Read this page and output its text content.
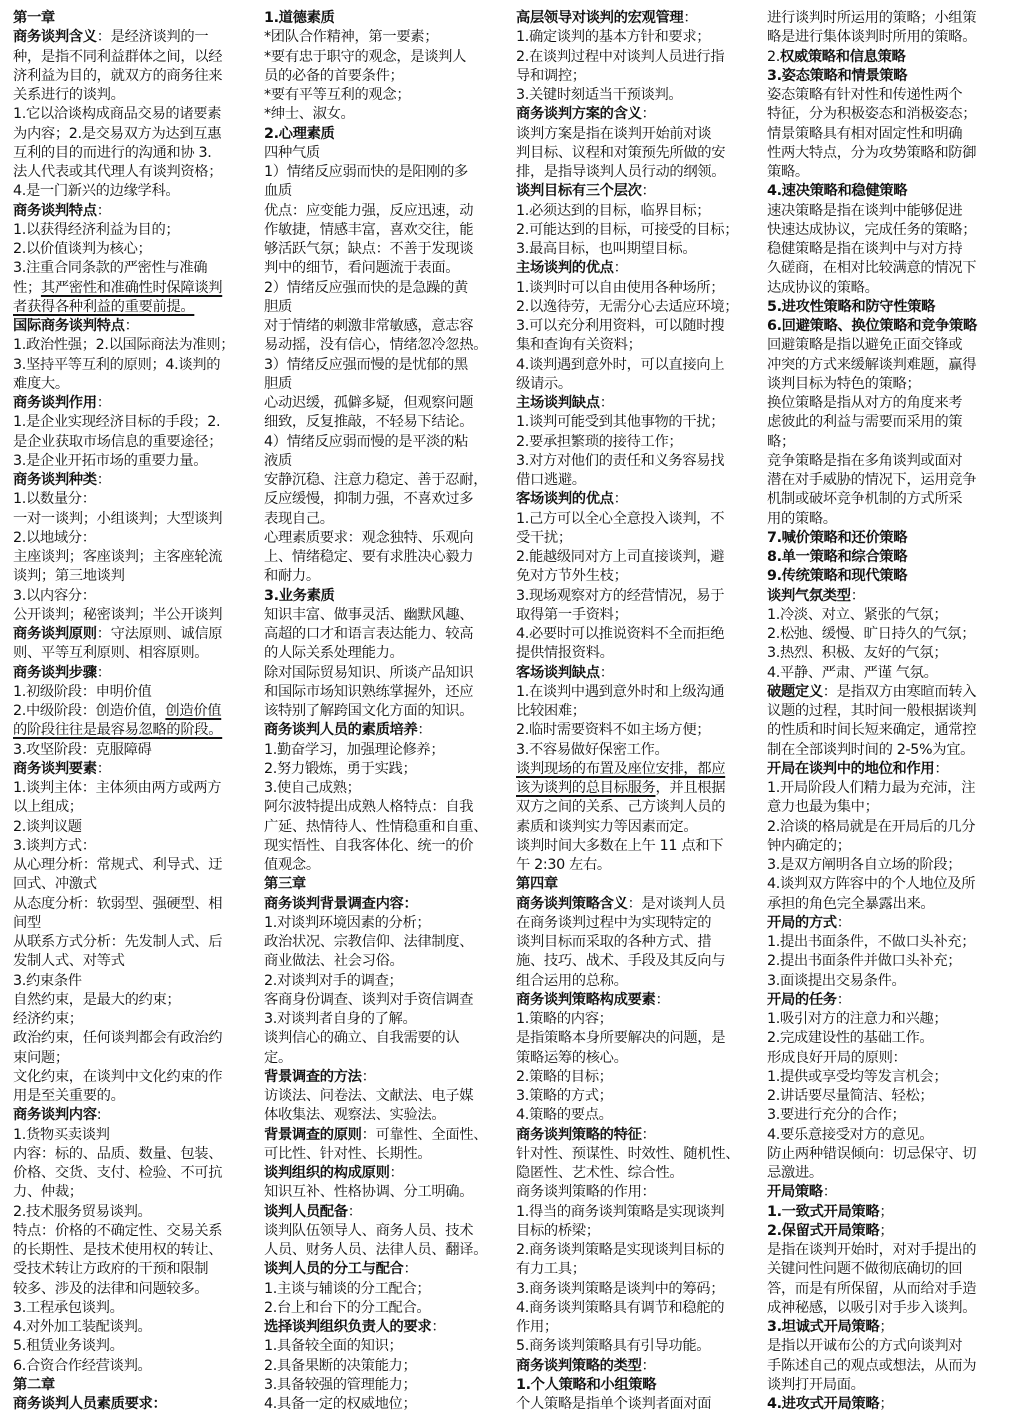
第一章
商务谈判含义：是经济谈判的一
种，是指不同利益群体之间，以经
济利益为目的，就双方的商务往来
关系进行的谈判。
1.它以洽谈构成商品交易的诸要素
为内容；2.是交易双方为达到互惠
互利的目的而进行的沟通和协 3.
法人代表或其代理人有谈判资格；
4.是一门新兴的边缘学科。
商务谈判特点：
1.以获得经济利益为目的；
2.以价值谈判为核心；
3.注重合同条款的严密性与准确
性；其严密性和准确性时保障谈判
者获得各种利益的重要前提。
国际商务谈判特点：
1.政治性强；2.以国际商法为准则；
3.坚持平等互利的原则；4.谈判的
难度大。
商务谈判作用：
1.是企业实现经济目标的手段；2.
是企业获取市场信息的重要途径；
3.是企业开拓市场的重要力量。
商务谈判种类：
1.以数量分：
一对一谈判；小组谈判；大型谈判
2.以地域分：
主座谈判；客座谈判；主客座轮流
谈判；第三地谈判
3.以内容分：
公开谈判；秘密谈判；半公开谈判
商务谈判原则：守法原则、诚信原
则、平等互利原则、相容原则。
商务谈判步骤：
1.初级阶段：申明价值
2.中级阶段：创造价值，创造价值
的阶段往往是最容易忽略的阶段。
3.攻坚阶段：克服障碍
商务谈判要素：
1.谈判主体：主体须由两方或两方
以上组成；
2.谈判议题
3.谈判方式：
从心理分析：常规式、利导式、迂
回式、冲激式
从态度分析：软弱型、强硬型、相
间型
从联系方式分析：先发制人式、后
发制人式、对等式
3.约束条件
自然约束，是最大的约束；
经济约束；
政治约束，任何谈判都会有政治约
束问题；
文化约束，在谈判中文化约束的作
用是至关重要的。
商务谈判内容:
1.货物买卖谈判
内容：标的、品质、数量、包装、
价格、交货、支付、检验、不可抗
力、仲裁；
2.技术服务贸易谈判。
特点：价格的不确定性、交易关系
的长期性、是技术使用权的转让、
受技术转让方政府的干预和限制
较多、涉及的法律和问题较多。
3.工程承包谈判。
4.对外加工装配谈判。
5.租赁业务谈判。
6.合资合作经营谈判。
第二章
商务谈判人员素质要求：
1.道德素质
*团队合作精神，第一要素；
*要有忠于职守的观念，是谈判人
员的必备的首要条件；
*要有平等互利的观念；
*绅士、淑女。
2.心理素质
四种气质
1）情绪反应弱而快的是阳刚的多
血质
优点：应变能力强，反应迅速，动
作敏捷，情感丰富，喜欢交往，能
够活跃气氛；缺点：不善于发现谈
判中的细节，看问题流于表面。
2）情绪反应强而快的是急躁的黄
胆质
对于情绪的刺激非常敏感，意志容
易动摇，没有信心，情绪忽冷忽热。
3）情绪反应强而慢的是忧郁的黑
胆质
心动迟缓，孤僻多疑，但观察问题
细致，反复推敲，不轻易下结论。
4）情绪反应弱而慢的是平淡的粘
液质
安静沉稳、注意力稳定、善于忍耐，
反应缓慢，抑制力强，不喜欢过多
表现自己。
心理素质要求：观念独特、乐观向
上、情绪稳定、要有求胜决心毅力
和耐力。
3.业务素质
知识丰富、做事灵活、幽默风趣、
高超的口才和语言表达能力、较高
的人际关系处理能力。
除对国际贸易知识、所谈产品知识
和国际市场知识熟练掌握外，还应
该特别了解跨国文化方面的知识。
商务谈判人员的素质培养：
1.勤奋学习，加强理论修养；
2.努力锻炼，勇于实践；
3.使自己成熟；
阿尔波特提出成熟人格特点：自我
广延、热情待人、性情稳重和自重、
现实悟性、自我客体化、统一的价
值观念。
第三章
商务谈判背景调查内容：
1.对谈判环境因素的分析；
政治状况、宗教信仰、法律制度、
商业做法、社会习俗。
2.对谈判对手的调查；
客商身份调查、谈判对手资信调查
3.对谈判者自身的了解。
谈判信心的确立、自我需要的认
定。
背景调查的方法：
访谈法、问卷法、文献法、电子媒
体收集法、观察法、实验法。
背景调查的原则：可靠性、全面性、
可比性、针对性、长期性。
谈判组织的构成原则：
知识互补、性格协调、分工明确。
谈判人员配备：
谈判队伍领导人、商务人员、技术
人员、财务人员、法律人员、翻译。
谈判人员的分工与配合：
1.主谈与辅谈的分工配合；
2.台上和台下的分工配合。
选择谈判组织负责人的要求：
1.具备较全面的知识；
2.具备果断的决策能力；
3.具备较强的管理能力；
4.具备一定的权威地位；
高层领导对谈判的宏观管理：
1.确定谈判的基本方针和要求；
2.在谈判过程中对谈判人员进行指
导和调控；
3.关键时刻适当干预谈判。
商务谈判方案的含义：
谈判方案是指在谈判开始前对谈
判目标、议程和对策预先所做的安
排，是指导谈判人员行动的纲领。
谈判目标有三个层次：
1.必须达到的目标，临界目标；
2.可能达到的目标，可接受的目标；
3.最高目标，也叫期望目标。
主场谈判的优点：
1.谈判时可以自由使用各种场所；
2.以逸待劳，无需分心去适应环境；
3.可以充分利用资料，可以随时搜
集和查询有关资料；
4.谈判遇到意外时，可以直接向上
级请示。
主场谈判缺点：
1.谈判可能受到其他事物的干扰；
2.要承担繁琐的接待工作；
3.对方对他们的责任和义务容易找
借口逃避。
客场谈判的优点：
1.己方可以全心全意投入谈判，不
受干扰；
2.能越级同对方上司直接谈判，避
免对方节外生枝；
3.现场观察对方的经营情况，易于
取得第一手资料；
4.必要时可以推说资料不全而拒绝
提供情报资料。
客场谈判缺点：
1.在谈判中遇到意外时和上级沟通
比较困难；
2.临时需要资料不如主场方便；
3.不容易做好保密工作。
谈判现场的布置及座位安排，都应
该为谈判的总目标服务，并且根据
双方之间的关系、己方谈判人员的
素质和谈判实力等因素而定。
谈判时间大多数在上午 11 点和下
午 2:30 左右。
第四章
商务谈判策略含义：是对谈判人员
在商务谈判过程中为实现特定的
谈判目标而采取的各种方式、措
施、技巧、战术、手段及其反向与
组合运用的总称。
商务谈判策略构成要素：
1.策略的内容；
是指策略本身所要解决的问题，是
策略运筹的核心。
2.策略的目标；
3.策略的方式；
4.策略的要点。
商务谈判策略的特征：
针对性、预谋性、时效性、随机性、
隐匿性、艺术性、综合性。
商务谈判策略的作用：
1.得当的商务谈判策略是实现谈判
目标的桥梁；
2.商务谈判策略是实现谈判目标的
有力工具；
3.商务谈判策略是谈判中的筹码；
4.商务谈判策略具有调节和稳舵的
作用；
5.商务谈判策略具有引导功能。
商务谈判策略的类型：
1.个人策略和小组策略
个人策略是指单个谈判者面对面
进行谈判时所运用的策略；小组策
略是进行集体谈判时所用的策略。
2.权威策略和信息策略
3.姿态策略和情景策略
姿态策略有针对性和传递性两个
特征，分为积极姿态和消极姿态；
情景策略具有相对固定性和明确
性两大特点，分为攻势策略和防御
策略。
4.速决策略和稳健策略
速决策略是指在谈判中能够促进
快速达成协议，完成任务的策略；
稳健策略是指在谈判中与对方持
久磋商，在相对比较满意的情况下
达成协议的策略。
5.进攻性策略和防守性策略
6.回避策略、换位策略和竞争策略
回避策略是指以避免正面交锋或
冲突的方式来缓解谈判难题，赢得
谈判目标为特色的策略；
换位策略是指从对方的角度来考
虑彼此的利益与需要而采用的策
略；
竞争策略是指在多角谈判或面对
潜在对手威胁的情况下，运用竞争
机制或破坏竞争机制的方式所采
用的策略。
7.喊价策略和还价策略
8.单一策略和综合策略
9.传统策略和现代策略
谈判气氛类型：
1.冷淡、对立、紧张的气氛；
2.松弛、缓慢、旷日持久的气氛；
3.热烈、积极、友好的气氛；
4.平静、严肃、严谨 气氛。
破题定义：是指双方由寒暄而转入
议题的过程，其时间一般根据谈判
的性质和时间长短来确定，通常控
制在全部谈判时间的 2-5%为宜。
开局在谈判中的地位和作用：
1.开局阶段人们精力最为充沛，注
意力也最为集中；
2.洽谈的格局就是在开局后的几分
钟内确定的；
3.是双方阐明各自立场的阶段；
4.谈判双方阵容中的个人地位及所
承担的角色完全暴露出来。
开局的方式：
1.提出书面条件，不做口头补充；
2.提出书面条件并做口头补充；
3.面谈提出交易条件。
开局的任务：
1.吸引对方的注意力和兴趣；
2.完成建设性的基础工作。
形成良好开局的原则：
1.提供或享受均等发言机会；
2.讲话要尽量简洁、轻松；
3.要进行充分的合作；
4.要乐意接受对方的意见。
防止两种错误倾向：切忌保守、切
忌激进。
开局策略：
1.一致式开局策略；
2.保留式开局策略；
是指在谈判开始时，对对手提出的
关键问性问题不做彻底确切的回
答，而是有所保留，从而给对手造
成神秘感，以吸引对手步入谈判。
3.坦诚式开局策略；
是指以开诚布公的方式向谈判对
手陈述自己的观点或想法，从而为
谈判打开局面。
4.进攻式开局策略；
